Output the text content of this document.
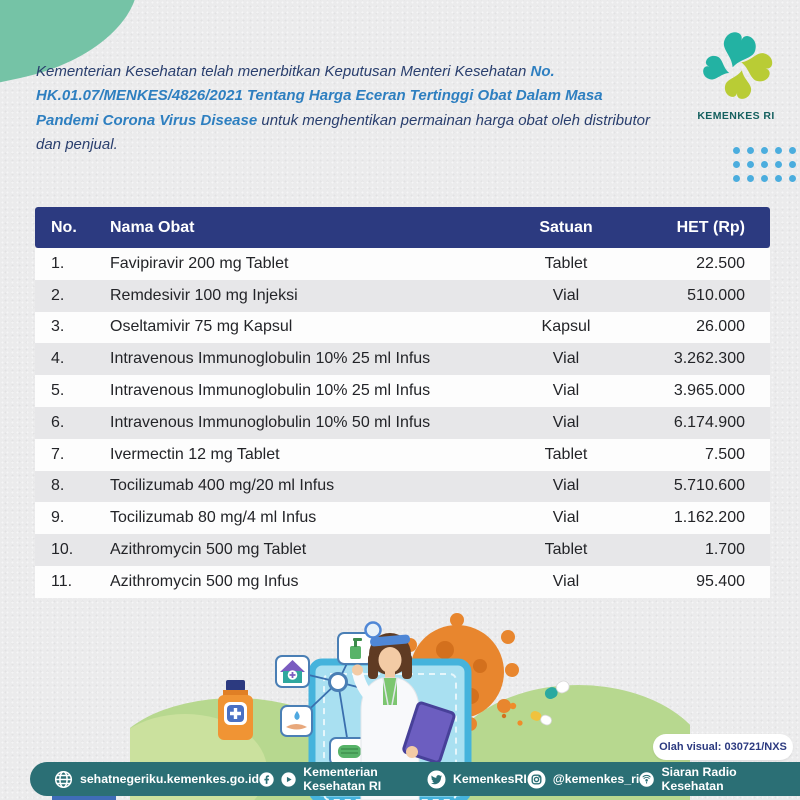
Kementerian Kesehatan telah menerbitkan Keputusan Menteri Kesehatan No. HK.01.07/MENKES/4826/2021 Tentang Harga Eceran Tertinggi Obat Dalam Masa Pandemi Corona Virus Disease untuk menghentikan permainan harga obat oleh distributor dan penjual.

KEMENKES RI
No.	Nama Obat	Satuan	HET (Rp)
1.	Favipiravir 200 mg Tablet	Tablet	22.500
2.	Remdesivir 100 mg Injeksi	Vial	510.000
3.	Oseltamivir 75 mg Kapsul	Kapsul	26.000
4.	Intravenous Immunoglobulin 10% 25 ml Infus	Vial	3.262.300
5.	Intravenous Immunoglobulin 10% 25 ml Infus	Vial	3.965.000
6.	Intravenous Immunoglobulin 10% 50 ml Infus	Vial	6.174.900
7.	Ivermectin 12 mg Tablet	Tablet	7.500
8.	Tocilizumab 400 mg/20 ml Infus	Vial	5.710.600
9.	Tocilizumab 80 mg/4 ml Infus	Vial	1.162.200
10.	Azithromycin 500 mg Tablet	Tablet	1.700
11.	Azithromycin 500 mg Infus	Vial	95.400
Olah visual: 030721/NXS
sehatnegeriku.kemenkes.go.id	Kementerian Kesehatan RI	KemenkesRI @kemenkes_ri Siaran Radio Kesehatan
